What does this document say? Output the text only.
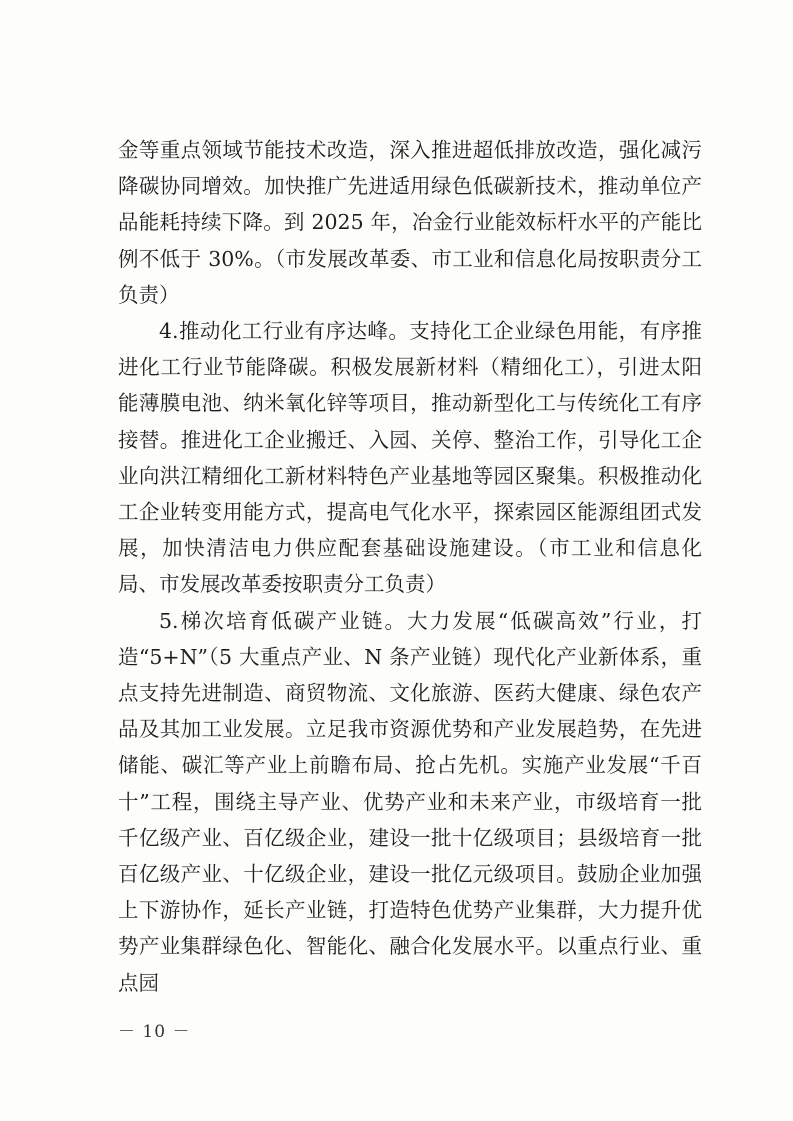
金等重点领域节能技术改造，深入推进超低排放改造，强化减污降碳协同增效。加快推广先进适用绿色低碳新技术，推动单位产品能耗持续下降。到 2025 年，冶金行业能效标杆水平的产能比例不低于 30%。（市发展改革委、市工业和信息化局按职责分工负责）

4.推动化工行业有序达峰。支持化工企业绿色用能，有序推进化工行业节能降碳。积极发展新材料（精细化工），引进太阳能薄膜电池、纳米氧化锌等项目，推动新型化工与传统化工有序接替。推进化工企业搬迁、入园、关停、整治工作，引导化工企业向洪江精细化工新材料特色产业基地等园区聚集。积极推动化工企业转变用能方式，提高电气化水平，探索园区能源组团式发展，加快清洁电力供应配套基础设施建设。（市工业和信息化局、市发展改革委按职责分工负责）

5.梯次培育低碳产业链。大力发展“低碳高效”行业，打造“5+N”（5 大重点产业、N 条产业链）现代化产业新体系，重点支持先进制造、商贸物流、文化旅游、医药大健康、绿色农产品及其加工业发展。立足我市资源优势和产业发展趋势，在先进储能、碳汇等产业上前瞻布局、抢占先机。实施产业发展“千百十”工程，围绕主导产业、优势产业和未来产业，市级培育一批千亿级产业、百亿级企业，建设一批十亿级项目；县级培育一批百亿级产业、十亿级企业，建设一批亿元级项目。鼓励企业加强上下游协作，延长产业链，打造特色优势产业集群，大力提升优势产业集群绿色化、智能化、融合化发展水平。以重点行业、重点园

－ 10 －
